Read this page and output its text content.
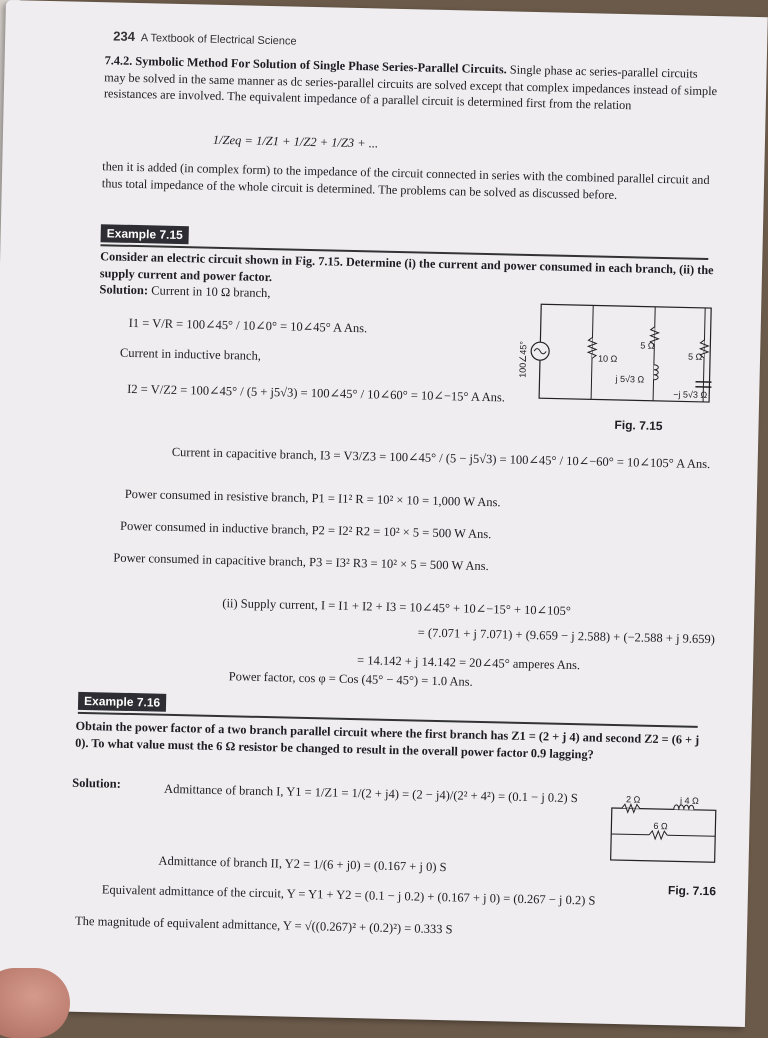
234 A Textbook of Electrical Science
7.4.2. Symbolic Method For Solution of Single Phase Series-Parallel Circuits. Single phase ac series-parallel circuits may be solved in the same manner as dc series-parallel circuits are solved except that complex impedances instead of simple resistances are involved. The equivalent impedance of a parallel circuit is determined first from the relation
1/Zeq = 1/Z1 + 1/Z2 + 1/Z3 + ...
then it is added (in complex form) to the impedance of the circuit connected in series with the combined parallel circuit and thus total impedance of the whole circuit is determined. The problems can be solved as discussed before.
Example 7.15
Consider an electric circuit shown in Fig. 7.15. Determine (i) the current and power consumed in each branch, (ii) the supply current and power factor.
Solution: Current in 10 Ω branch,
I1 = V/R = 100∠45° / 10∠0° = 10∠45° A Ans.
Current in inductive branch,
I2 = V/Z2 = 100∠45° / (5 + j5√3) = 100∠45° / 10∠60° = 10∠−15° A Ans.
100∠45°	10 Ω
5 Ω
j 5√3 Ω
5 Ω
−j 5√3 Ω
Fig. 7.15
Current in capacitive branch, I3 = V3/Z3 = 100∠45° / (5 − j5√3) = 100∠45° / 10∠−60° = 10∠105° A Ans.
Power consumed in resistive branch, P1 = I1² R = 10² × 10 = 1,000 W Ans.
Power consumed in inductive branch, P2 = I2² R2 = 10² × 5 = 500 W Ans.
Power consumed in capacitive branch, P3 = I3² R3 = 10² × 5 = 500 W Ans.
(ii) Supply current, I = I1 + I2 + I3 = 10∠45° + 10∠−15° + 10∠105°
= (7.071 + j 7.071) + (9.659 − j 2.588) + (−2.588 + j 9.659)
= 14.142 + j 14.142 = 20∠45° amperes Ans.
Power factor, cos φ = Cos (45° − 45°) = 1.0 Ans.
Example 7.16
Obtain the power factor of a two branch parallel circuit where the first branch has Z1 = (2 + j 4) and second Z2 = (6 + j 0). To what value must the 6 Ω resistor be changed to result in the overall power factor 0.9 lagging?
Solution:	Admittance of branch I, Y1 = 1/Z1 = 1/(2 + j4) = (2 − j4)/(2² + 4²) = (0.1 − j 0.2) S	2 Ω	j 4 Ω
6 Ω
Fig. 7.16
Admittance of branch II, Y2 = 1/(6 + j0) = (0.167 + j 0) S
Equivalent admittance of the circuit, Y = Y1 + Y2 = (0.1 − j 0.2) + (0.167 + j 0) = (0.267 − j 0.2) S
The magnitude of equivalent admittance, Y = √((0.267)² + (0.2)²) = 0.333 S
